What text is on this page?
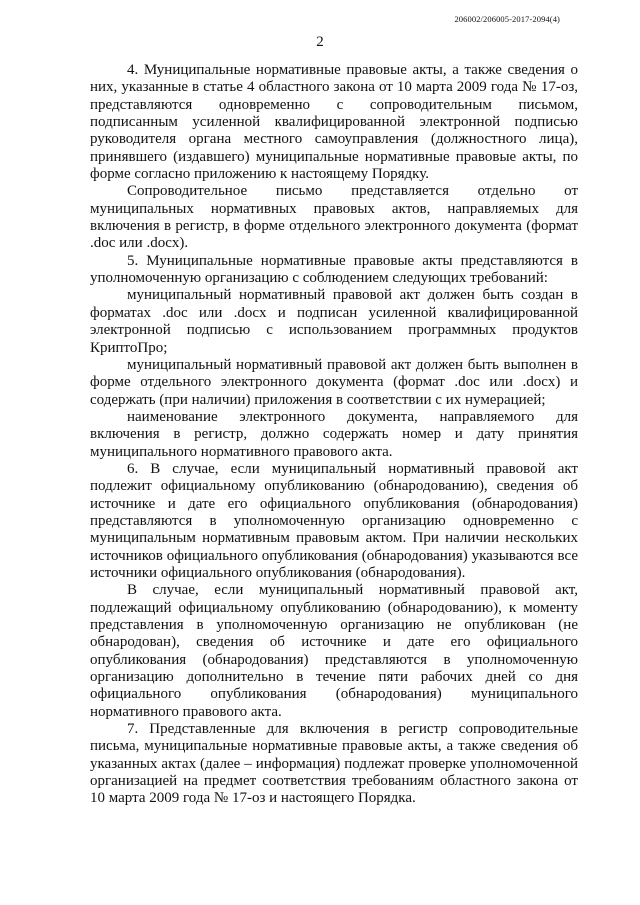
206002/206005-2017-2094(4)
2

4. Муниципальные нормативные правовые акты, а также сведения о них, указанные в статье 4 областного закона от 10 марта 2009 года № 17-оз, представляются одновременно с сопроводительным письмом, подписанным усиленной квалифицированной электронной подписью руководителя органа местного самоуправления (должностного лица), принявшего (издавшего) муниципальные нормативные правовые акты, по форме согласно приложению к настоящему Порядку.

Сопроводительное письмо представляется отдельно от муниципальных нормативных правовых актов, направляемых для включения в регистр, в форме отдельного электронного документа (формат .doc или .docx).

5. Муниципальные нормативные правовые акты представляются в уполномоченную организацию с соблюдением следующих требований:

муниципальный нормативный правовой акт должен быть создан в форматах .doc или .docx и подписан усиленной квалифицированной электронной подписью с использованием программных продуктов КриптоПро;

муниципальный нормативный правовой акт должен быть выполнен в форме отдельного электронного документа (формат .doc или .docx) и содержать (при наличии) приложения в соответствии с их нумерацией;

наименование электронного документа, направляемого для включения в регистр, должно содержать номер и дату принятия муниципального нормативного правового акта.

6. В случае, если муниципальный нормативный правовой акт подлежит официальному опубликованию (обнародованию), сведения об источнике и дате его официального опубликования (обнародования) представляются в уполномоченную организацию одновременно с муниципальным нормативным правовым актом. При наличии нескольких источников официального опубликования (обнародования) указываются все источники официального опубликования (обнародования).

В случае, если муниципальный нормативный правовой акт, подлежащий официальному опубликованию (обнародованию), к моменту представления в уполномоченную организацию не опубликован (не обнародован), сведения об источнике и дате его официального опубликования (обнародования) представляются в уполномоченную организацию дополнительно в течение пяти рабочих дней со дня официального опубликования (обнародования) муниципального нормативного правового акта.

7. Представленные для включения в регистр сопроводительные письма, муниципальные нормативные правовые акты, а также сведения об указанных актах (далее – информация) подлежат проверке уполномоченной организацией на предмет соответствия требованиям областного закона от 10 марта 2009 года № 17-оз и настоящего Порядка.
